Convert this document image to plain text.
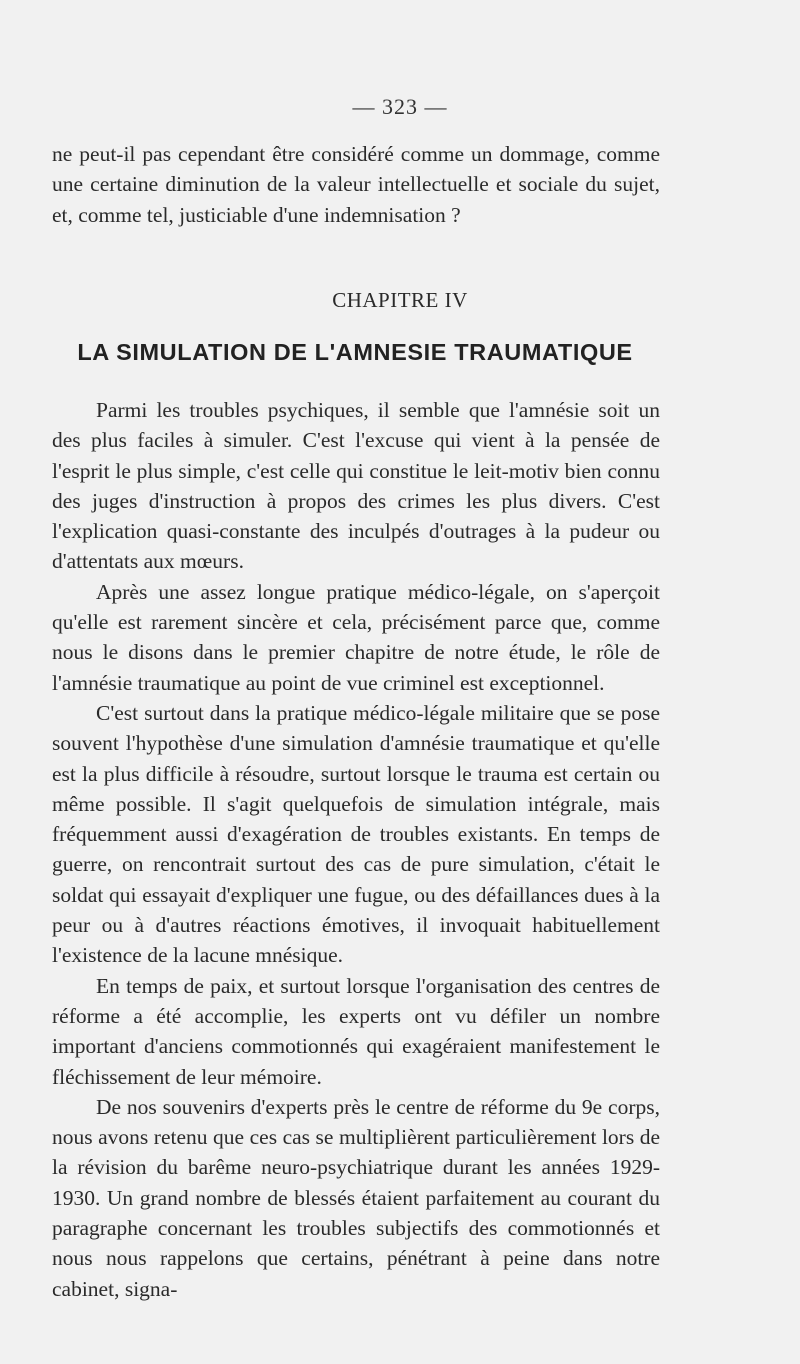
— 323 —

ne peut-il pas cependant être considéré comme un dommage, comme une certaine diminution de la valeur intellectuelle et sociale du sujet, et, comme tel, justiciable d'une indemnisation ?

CHAPITRE IV
LA SIMULATION DE L'AMNESIE TRAUMATIQUE

Parmi les troubles psychiques, il semble que l'amnésie soit un des plus faciles à simuler. C'est l'excuse qui vient à la pensée de l'esprit le plus simple, c'est celle qui constitue le leit-motiv bien connu des juges d'instruction à propos des crimes les plus divers. C'est l'explication quasi-constante des inculpés d'outrages à la pudeur ou d'attentats aux mœurs.

Après une assez longue pratique médico-légale, on s'aperçoit qu'elle est rarement sincère et cela, précisément parce que, comme nous le disons dans le premier chapitre de notre étude, le rôle de l'amnésie traumatique au point de vue criminel est exceptionnel.

C'est surtout dans la pratique médico-légale militaire que se pose souvent l'hypothèse d'une simulation d'amnésie traumatique et qu'elle est la plus difficile à résoudre, surtout lorsque le trauma est certain ou même possible. Il s'agit quelquefois de simulation intégrale, mais fréquemment aussi d'exagération de troubles existants. En temps de guerre, on rencontrait surtout des cas de pure simulation, c'était le soldat qui essayait d'expliquer une fugue, ou des défaillances dues à la peur ou à d'autres réactions émotives, il invoquait habituellement l'existence de la lacune mnésique.

En temps de paix, et surtout lorsque l'organisation des centres de réforme a été accomplie, les experts ont vu défiler un nombre important d'anciens commotionnés qui exagéraient manifestement le fléchissement de leur mémoire.

De nos souvenirs d'experts près le centre de réforme du 9e corps, nous avons retenu que ces cas se multiplièrent particulièrement lors de la révision du barême neuro-psychiatrique durant les années 1929-1930. Un grand nombre de blessés étaient parfaitement au courant du paragraphe concernant les troubles subjectifs des commotionnés et nous nous rappelons que certains, pénétrant à peine dans notre cabinet, signa-
